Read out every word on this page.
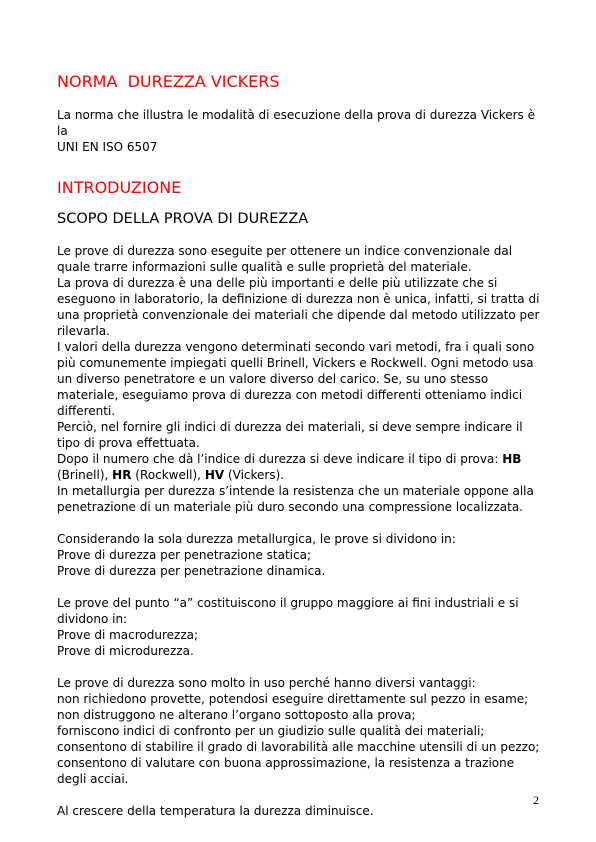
NORMA  DUREZZA VICKERS

La norma che illustra le modalità di esecuzione della prova di durezza Vickers è

la

UNI EN ISO 6507

INTRODUZIONE
SCOPO DELLA PROVA DI DUREZZA

Le prove di durezza sono eseguite per ottenere un indice convenzionale dal quale trarre informazioni sulle qualità e sulle proprietà del materiale.

La prova di durezza è una delle più importanti e delle più utilizzate che si eseguono in laboratorio, la definizione di durezza non è unica, infatti, si tratta di una proprietà convenzionale dei materiali che dipende dal metodo utilizzato per rilevarla.

I valori della durezza vengono determinati secondo vari metodi, fra i quali sono più comunemente impiegati quelli Brinell, Vickers e Rockwell. Ogni metodo usa un diverso penetratore e un valore diverso del carico. Se, su uno stesso materiale, eseguiamo prova di durezza con metodi differenti otteniamo indici differenti.

Perciò, nel fornire gli indici di durezza dei materiali, si deve sempre indicare il tipo di prova effettuata.

Dopo il numero che dà l’indice di durezza si deve indicare il tipo di prova: HB (Brinell), HR (Rockwell), HV (Vickers).

In metallurgia per durezza s’intende la resistenza che un materiale oppone alla penetrazione di un materiale più duro secondo una compressione localizzata.

Considerando la sola durezza metallurgica, le prove si dividono in:

Prove di durezza per penetrazione statica;

Prove di durezza per penetrazione dinamica.

Le prove del punto “a” costituiscono il gruppo maggiore ai fini industriali e si dividono in:

Prove di macrodurezza;

Prove di microdurezza.

Le prove di durezza sono molto in uso perché hanno diversi vantaggi:

non richiedono provette, potendosi eseguire direttamente sul pezzo in esame;

non distruggono ne alterano l’organo sottoposto alla prova;

forniscono indici di confronto per un giudizio sulle qualità dei materiali;

consentono di stabilire il grado di lavorabilità alle macchine utensili di un pezzo;

consentono di valutare con buona approssimazione, la resistenza a trazione degli acciai.

Al crescere della temperatura la durezza diminuisce.

2
